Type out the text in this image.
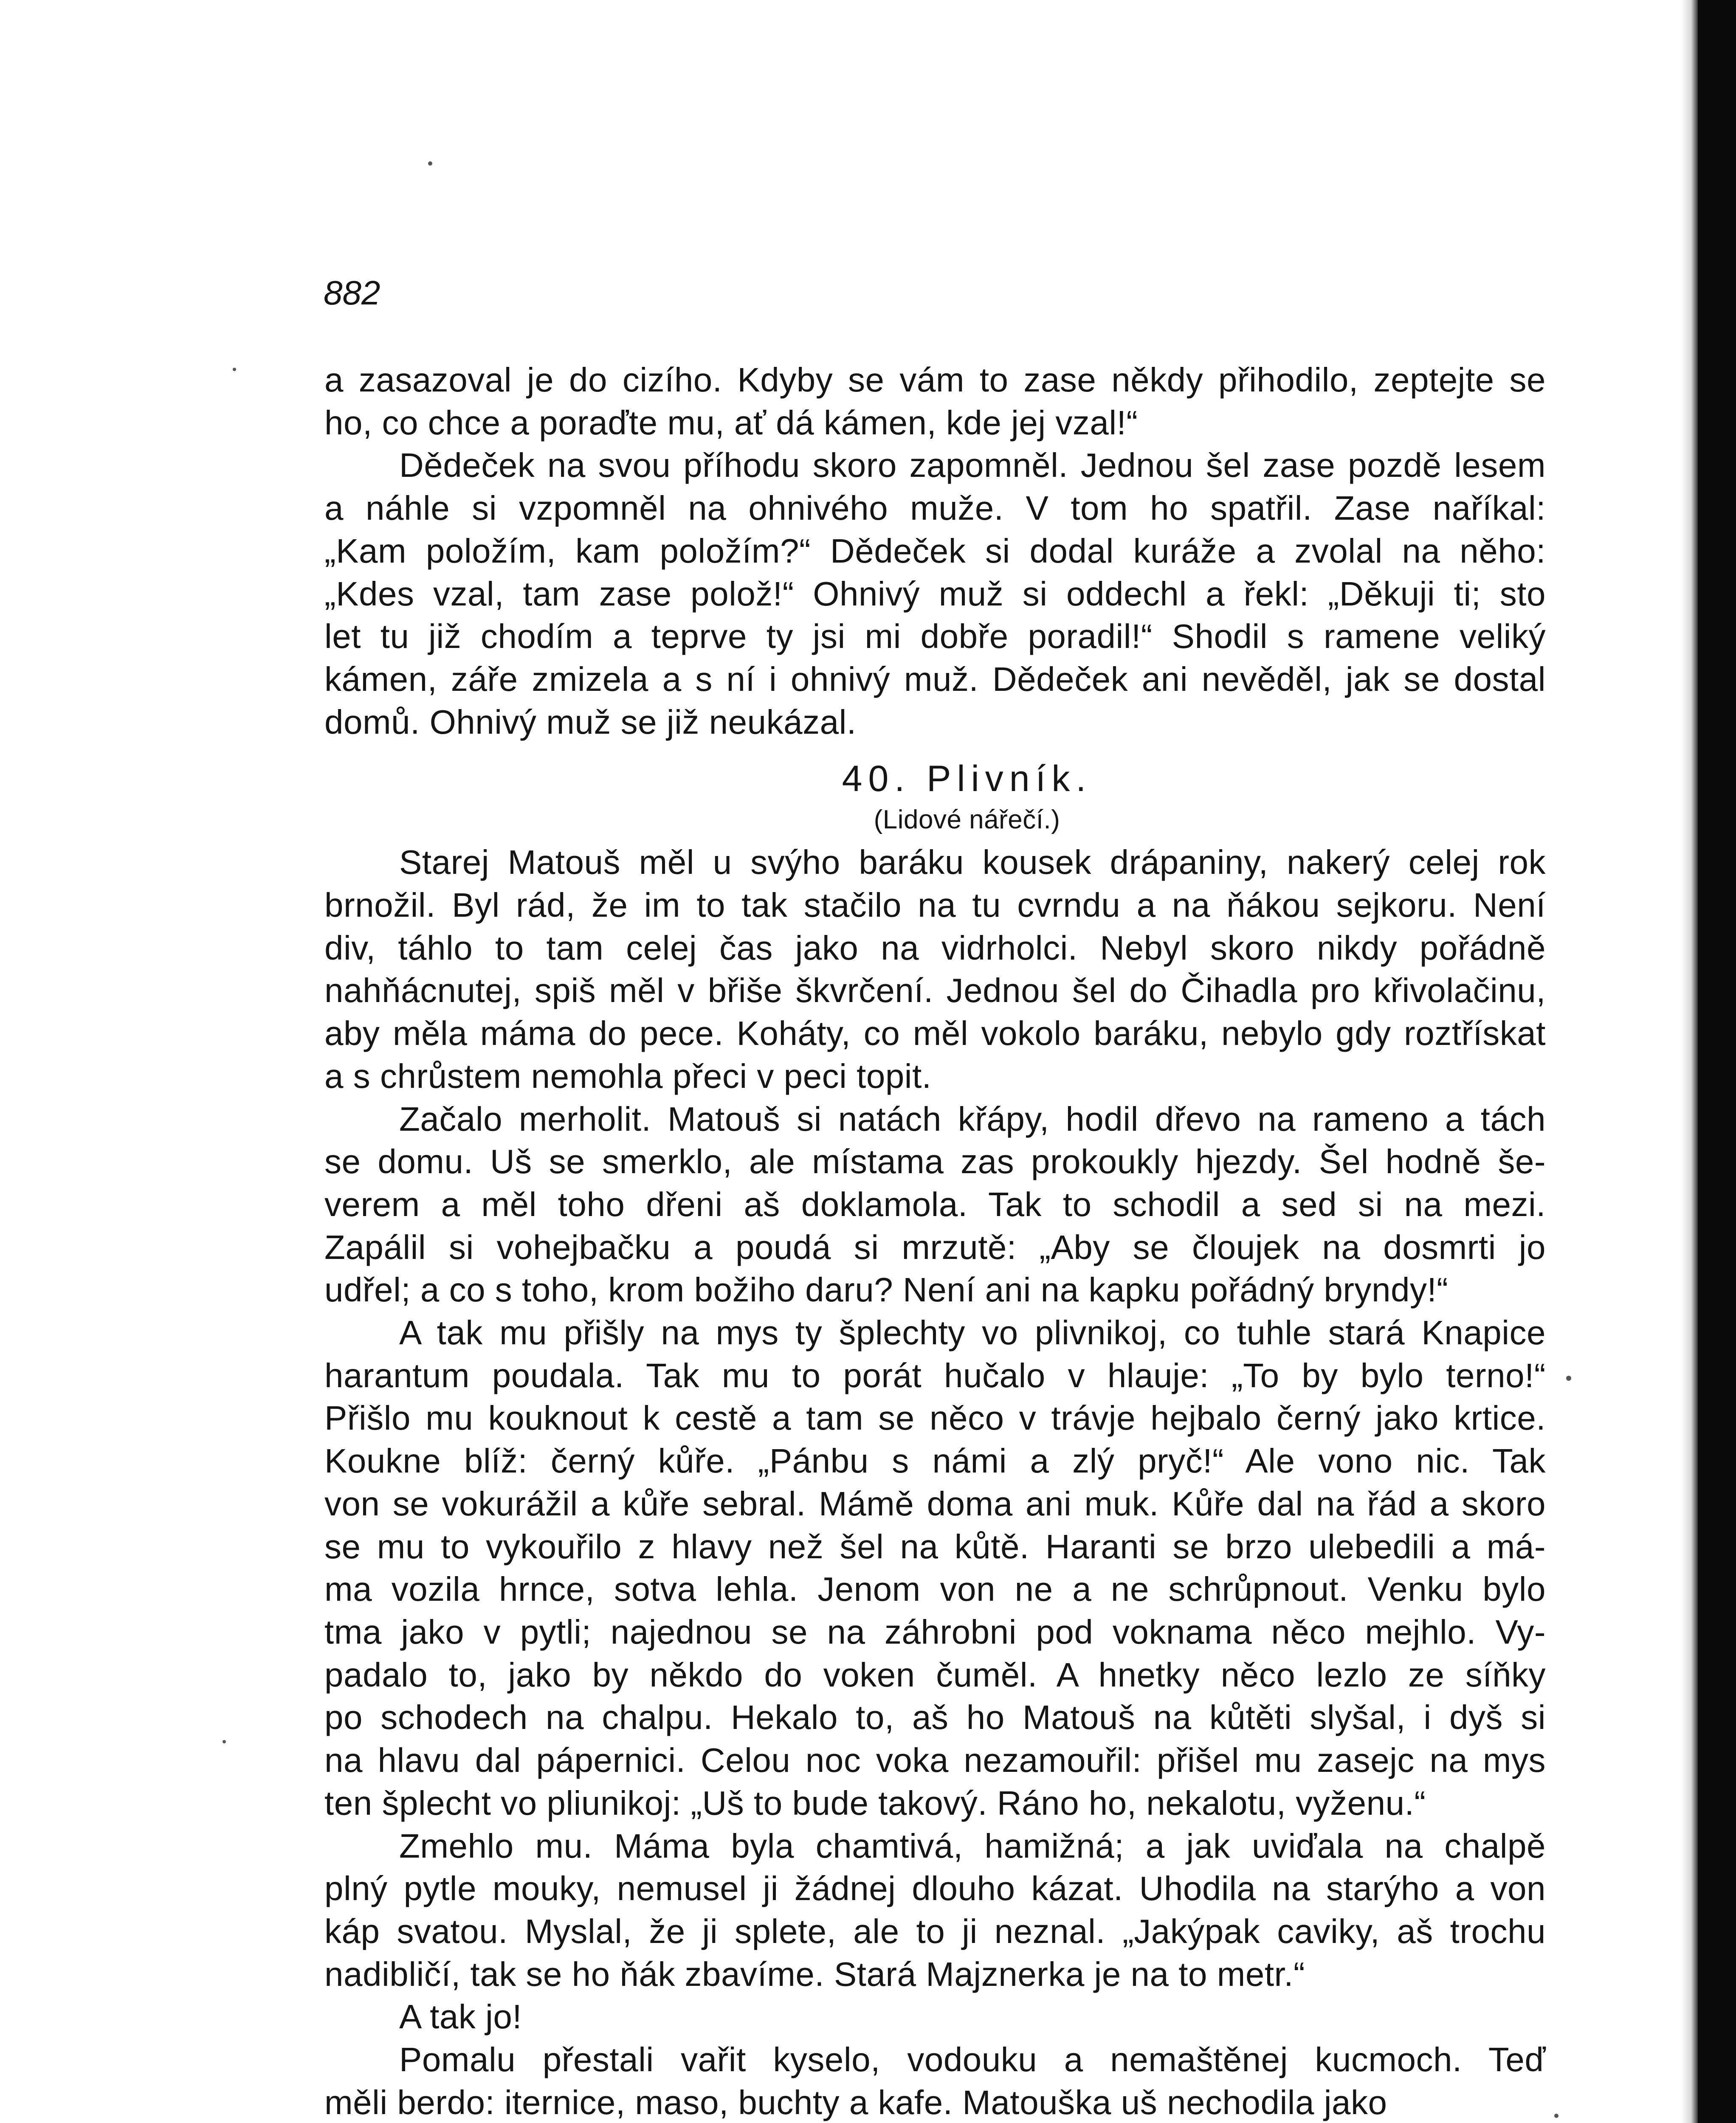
882

a zasazoval je do cizího. Kdyby se vám to zase někdy přihodilo, zeptejte se
ho, co chce a poraďte mu, ať dá kámen, kde jej vzal!“

Dědeček na svou příhodu skoro zapomněl. Jednou šel zase pozdě lesem
a náhle si vzpomněl na ohnivého muže. V tom ho spatřil. Zase naříkal:
„Kam položím, kam položím?“ Dědeček si dodal kuráže a zvolal na něho:
„Kdes vzal, tam zase polož!“ Ohnivý muž si oddechl a řekl: „Děkuji ti; sto
let tu již chodím a teprve ty jsi mi dobře poradil!“ Shodil s ramene veliký
kámen, záře zmizela a s ní i ohnivý muž. Dědeček ani nevěděl, jak se dostal
domů. Ohnivý muž se již neukázal.

40. Plivník.
(Lidové nářečí.)

Starej Matouš měl u svýho baráku kousek drápaniny, nakerý celej rok
brnožil. Byl rád, že im to tak stačilo na tu cvrndu a na ňákou sejkoru. Není
div, táhlo to tam celej čas jako na vidrholci. Nebyl skoro nikdy pořádně
nahňácnutej, spiš měl v břiše škvrčení. Jednou šel do Čihadla pro křivolačinu,
aby měla máma do pece. Koháty, co měl vokolo baráku, nebylo gdy roztřískat
a s chrůstem nemohla přeci v peci topit.

Začalo merholit. Matouš si natách křápy, hodil dřevo na rameno a tách
se domu. Uš se smerklo, ale místama zas prokoukly hjezdy. Šel hodně še-
verem a měl toho dřeni aš doklamola. Tak to schodil a sed si na mezi.
Zapálil si vohejbačku a poudá si mrzutě: „Aby se čloujek na dosmrti jo
udřel; a co s toho, krom božiho daru? Není ani na kapku pořádný bryndy!“

A tak mu přišly na mys ty šplechty vo plivnikoj, co tuhle stará Knapice
harantum poudala. Tak mu to porát hučalo v hlauje: „To by bylo terno!“
Přišlo mu kouknout k cestě a tam se něco v trávje hejbalo černý jako krtice.
Koukne blíž: černý kůře. „Pánbu s námi a zlý pryč!“ Ale vono nic. Tak
von se vokurážil a kůře sebral. Mámě doma ani muk. Kůře dal na řád a skoro
se mu to vykouřilo z hlavy než šel na kůtě. Haranti se brzo ulebedili a má-
ma vozila hrnce, sotva lehla. Jenom von ne a ne schrůpnout. Venku bylo
tma jako v pytli; najednou se na záhrobni pod voknama něco mejhlo. Vy-
padalo to, jako by někdo do voken čuměl. A hnetky něco lezlo ze síňky
po schodech na chalpu. Hekalo to, aš ho Matouš na kůtěti slyšal, i dyš si
na hlavu dal pápernici. Celou noc voka nezamouřil: přišel mu zasejc na mys
ten šplecht vo pliunikoj: „Uš to bude takový. Ráno ho, nekalotu, vyženu.“

Zmehlo mu. Máma byla chamtivá, hamižná; a jak uviďala na chalpě
plný pytle mouky, nemusel ji žádnej dlouho kázat. Uhodila na starýho a von
káp svatou. Myslal, že ji splete, ale to ji neznal. „Jakýpak caviky, aš trochu
nadibličí, tak se ho ňák zbavíme. Stará Majznerka je na to metr.“

A tak jo!

Pomalu přestali vařit kyselo, vodouku a nemaštěnej kucmoch. Teď
měli berdo: iternice, maso, buchty a kafe. Matouška uš nechodila jako
